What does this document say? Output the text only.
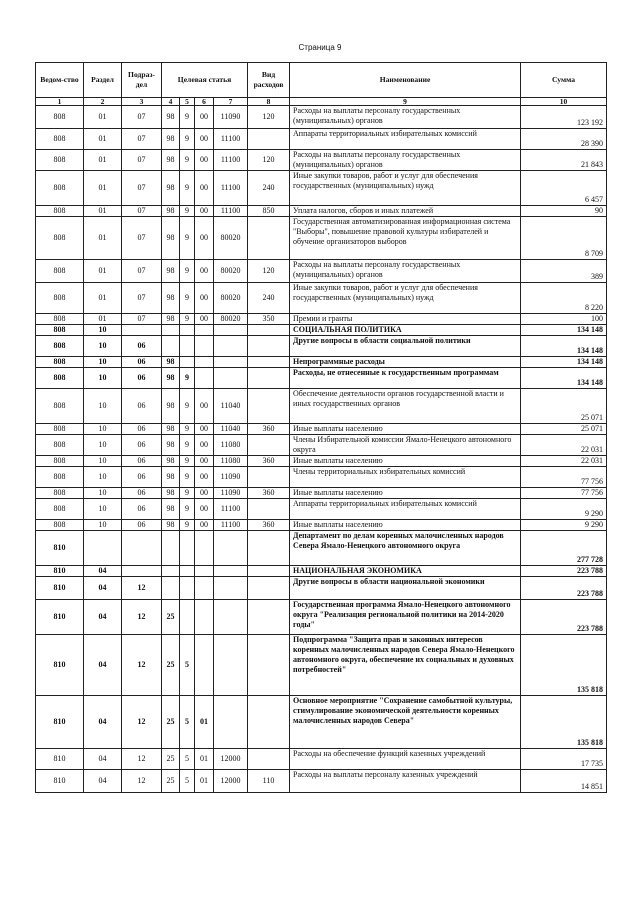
Страница 9
Ведом-ство	Раздел	Подраз-дел	Целевая статья				Вид расходов	Наименование	Сумма
1	2	3	4	5	6	7	8	9	10
808	01	07	98	9	00	11090	120	Расходы на выплаты персоналу государственных (муниципальных) органов	123 192
808	01	07	98	9	00	11100		Аппараты территориальных избирательных комиссий	28 390
808	01	07	98	9	00	11100	120	Расходы на выплаты персоналу государственных (муниципальных) органов	21 843
808	01	07	98	9	00	11100	240	Иные закупки товаров, работ и услуг для обеспечения государственных (муниципальных) нужд	6 457
808	01	07	98	9	00	11100	850	Уплата налогов, сборов и иных платежей	90
808	01	07	98	9	00	80020		Государственная автоматизированная информационная система "Выборы", повышение правовой культуры избирателей и обучение организаторов выборов	8 709
808	01	07	98	9	00	80020	120	Расходы на выплаты персоналу государственных (муниципальных) органов	389
808	01	07	98	9	00	80020	240	Иные закупки товаров, работ и услуг для обеспечения государственных (муниципальных) нужд	8 220
808	01	07	98	9	00	80020	350	Премии и гранты	100
808	10							СОЦИАЛЬНАЯ ПОЛИТИКА	134 148
808	10	06						Другие вопросы в области социальной политики	134 148
808	10	06	98					Непрограммные расходы	134 148
808	10	06	98	9				Расходы, не отнесенные к государственным программам	134 148
808	10	06	98	9	00	11040		Обеспечение деятельности органов государственной власти и иных государственных органов	25 071
808	10	06	98	9	00	11040	360	Иные выплаты населению	25 071
808	10	06	98	9	00	11080		Члены Избирательной комиссии Ямало-Ненецкого автономного округа	22 031
808	10	06	98	9	00	11080	360	Иные выплаты населению	22 031
808	10	06	98	9	00	11090		Члены территориальных избирательных комиссий	77 756
808	10	06	98	9	00	11090	360	Иные выплаты населению	77 756
808	10	06	98	9	00	11100		Аппараты территориальных избирательных комиссий	9 290
808	10	06	98	9	00	11100	360	Иные выплаты населению	9 290
810								Департамент по делам коренных малочисленных народов Севера Ямало-Ненецкого автономного округа	277 728
810	04							НАЦИОНАЛЬНАЯ ЭКОНОМИКА	223 788
810	04	12						Другие вопросы в области национальной экономики	223 788
810	04	12	25					Государственная программа Ямало-Ненецкого автономного округа "Реализация региональной политики на 2014-2020 годы"	223 788
810	04	12	25	5				Подпрограмма "Защита прав и законных интересов коренных малочисленных народов Севера Ямало-Ненецкого автономного округа, обеспечение их социальных и духовных потребностей"	135 818
810	04	12	25	5	01			Основное мероприятие "Сохранение самобытной культуры, стимулирование экономической деятельности коренных малочисленных народов Севера"	135 818
810	04	12	25	5	01	12000		Расходы на обеспечение функций казенных учреждений	17 735
810	04	12	25	5	01	12000	110	Расходы на выплаты персоналу казенных учреждений	14 851
